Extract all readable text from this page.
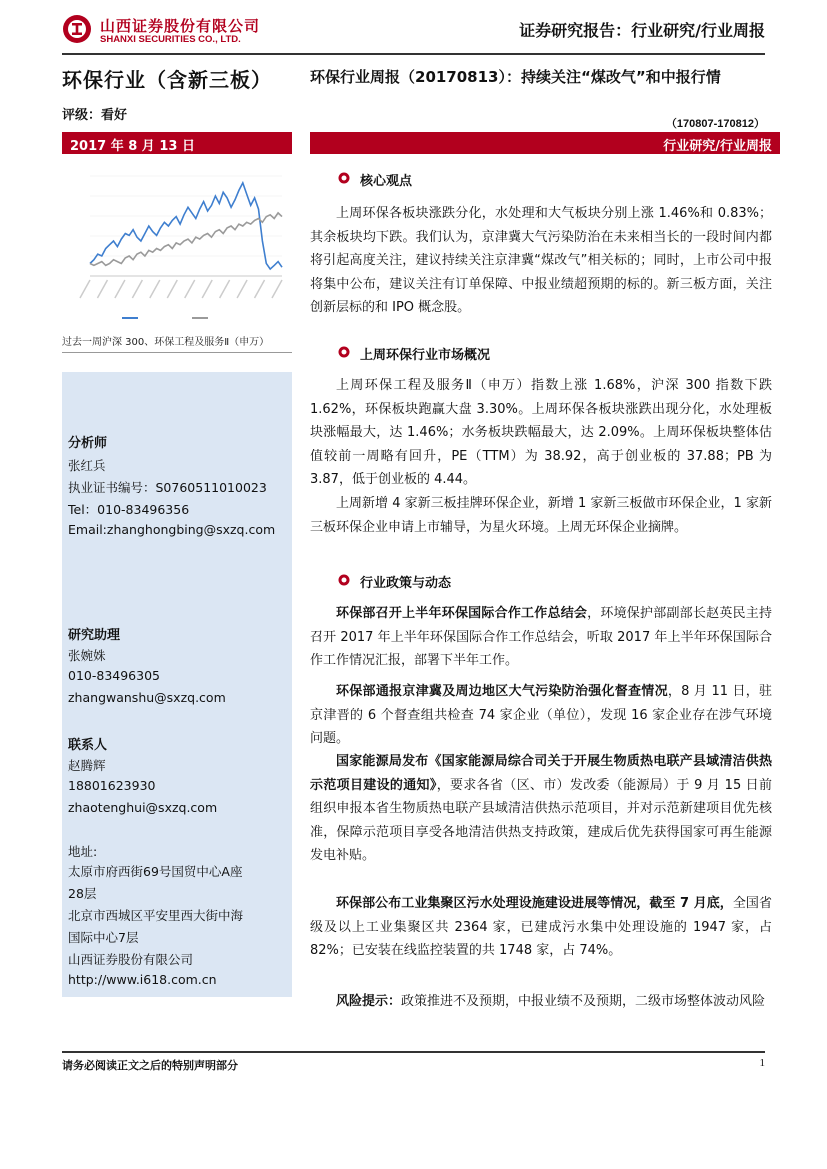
山西证券股份有限公司
SHANXI SECURITIES CO., LTD.	证券研究报告：行业研究/行业周报
环保行业（含新三板）
评级：看好
环保行业周报（20170813）：持续关注“煤改气”和中报行情
（170807-170812）
2017 年 8 月 13 日	行业研究/行业周报
过去一周沪深 300、环保工程及服务Ⅱ（申万）
分析师
张红兵
执业证书编号：S0760511010023
Tel：010-83496356
Email:zhanghongbing@sxzq.com
研究助理
张婉姝
010-83496305
zhangwanshu@sxzq.com
联系人
赵腾辉
18801623930
zhaotenghui@sxzq.com
地址:
太原市府西街69号国贸中心A座
28层
北京市西城区平安里西大街中海
国际中心7层
山西证券股份有限公司
http://www.i618.com.cn
核心观点
上周环保各板块涨跌分化，水处理和大气板块分别上涨 1.46%和 0.83%；其余板块均下跌。我们认为，京津冀大气污染防治在未来相当长的一段时间内都将引起高度关注，建议持续关注京津冀“煤改气”相关标的；同时，上市公司中报将集中公布，建议关注有订单保障、中报业绩超预期的标的。新三板方面，关注创新层标的和 IPO 概念股。
上周环保行业市场概况
上周环保工程及服务Ⅱ（申万）指数上涨 1.68%，沪深 300 指数下跌 1.62%，环保板块跑赢大盘 3.30%。上周环保各板块涨跌出现分化，水处理板块涨幅最大，达 1.46%；水务板块跌幅最大，达 2.09%。上周环保板块整体估值较前一周略有回升，PE（TTM）为 38.92，高于创业板的 37.88；PB 为 3.87，低于创业板的 4.44。
上周新增 4 家新三板挂牌环保企业，新增 1 家新三板做市环保企业，1 家新三板环保企业申请上市辅导，为星火环境。上周无环保企业摘牌。
行业政策与动态
环保部召开上半年环保国际合作工作总结会，环境保护部副部长赵英民主持召开 2017 年上半年环保国际合作工作总结会，听取 2017 年上半年环保国际合作工作情况汇报，部署下半年工作。
环保部通报京津冀及周边地区大气污染防治强化督查情况，8 月 11 日，驻京津晋的 6 个督查组共检查 74 家企业（单位），发现 16 家企业存在涉气环境问题。
国家能源局发布《国家能源局综合司关于开展生物质热电联产县域清洁供热示范项目建设的通知》，要求各省（区、市）发改委（能源局）于 9 月 15 日前组织申报本省生物质热电联产县域清洁供热示范项目，并对示范新建项目优先核准，保障示范项目享受各地清洁供热支持政策，建成后优先获得国家可再生能源发电补贴。
环保部公布工业集聚区污水处理设施建设进展等情况，截至 7 月底，全国省级及以上工业集聚区共 2364 家，已建成污水集中处理设施的 1947 家，占 82%；已安装在线监控装置的共 1748 家，占 74%。
风险提示：政策推进不及预期，中报业绩不及预期，二级市场整体波动风险
请务必阅读正文之后的特别声明部分	1
